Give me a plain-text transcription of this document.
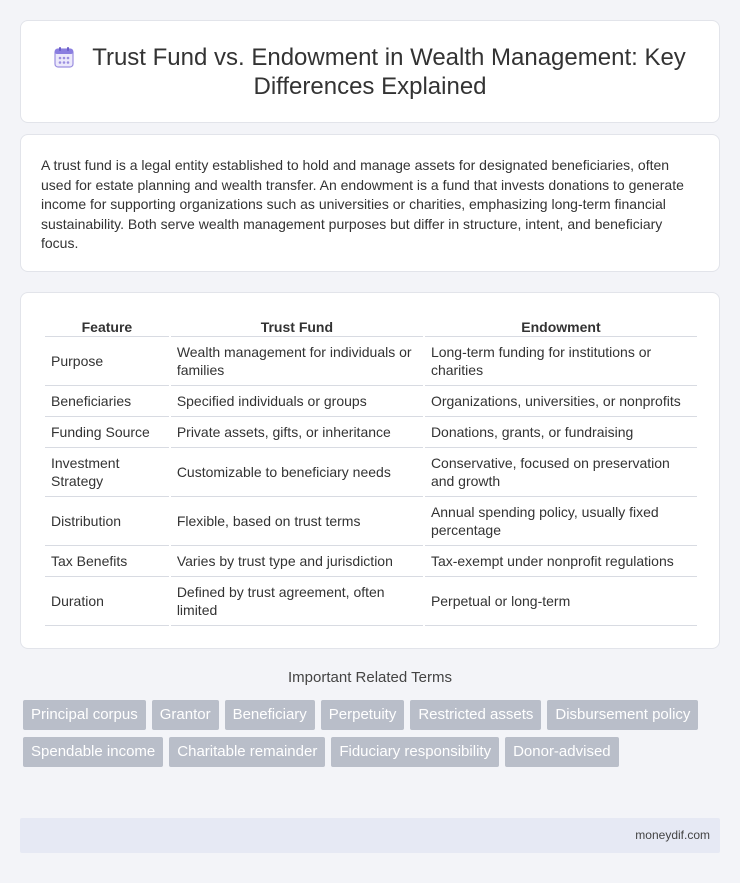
Trust Fund vs. Endowment in Wealth Management: Key Differences Explained

A trust fund is a legal entity established to hold and manage assets for designated beneficiaries, often used for estate planning and wealth transfer. An endowment is a fund that invests donations to generate income for supporting organizations such as universities or charities, emphasizing long-term financial sustainability. Both serve wealth management purposes but differ in structure, intent, and beneficiary focus.

Feature	Trust Fund	Endowment
Purpose	Wealth management for individuals or families	Long-term funding for institutions or charities
Beneficiaries	Specified individuals or groups	Organizations, universities, or nonprofits
Funding Source	Private assets, gifts, or inheritance	Donations, grants, or fundraising
Investment Strategy	Customizable to beneficiary needs	Conservative, focused on preservation and growth
Distribution	Flexible, based on trust terms	Annual spending policy, usually fixed percentage
Tax Benefits	Varies by trust type and jurisdiction	Tax-exempt under nonprofit regulations
Duration	Defined by trust agreement, often limited	Perpetual or long-term
Important Related Terms
Principal corpus	Grantor	Beneficiary	Perpetuity	Restricted assets	Disbursement policy
Spendable income	Charitable remainder	Fiduciary responsibility	Donor-advised
moneydif.com
